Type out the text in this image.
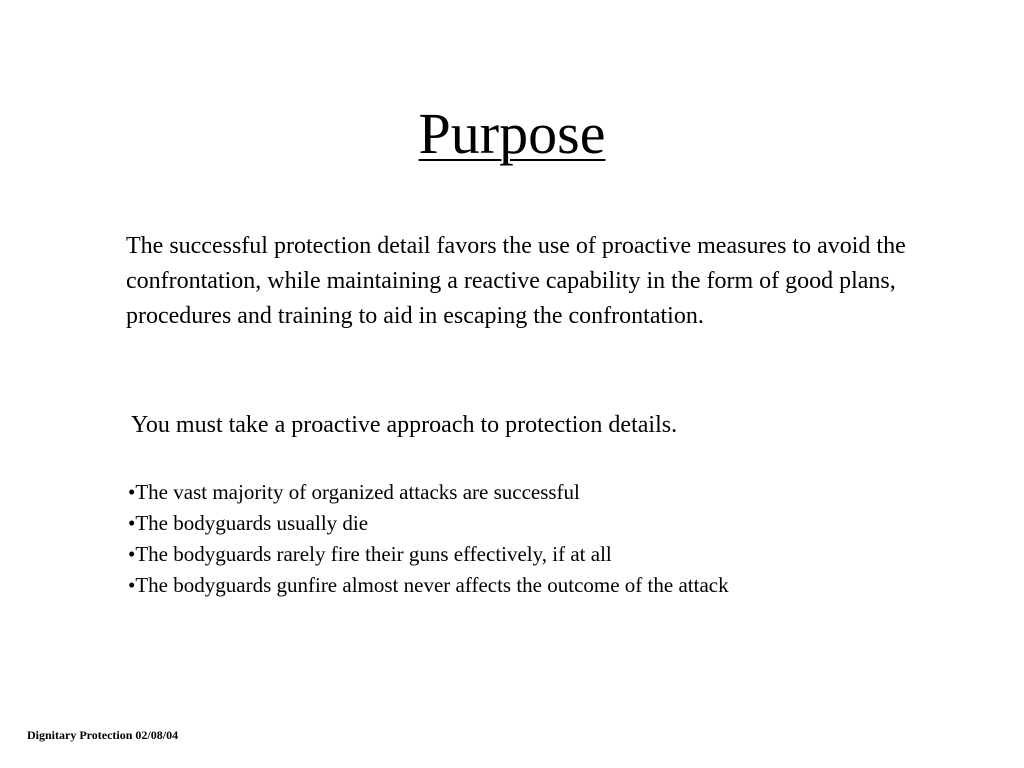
Purpose

The successful protection detail favors the use of proactive measures to avoid the confrontation, while maintaining a reactive capability in the form of good plans, procedures and training to aid in escaping the confrontation.

You must take a proactive approach to protection details.

•The vast majority of organized attacks are successful
•The bodyguards usually die
•The bodyguards rarely fire their guns effectively, if at all
•The bodyguards gunfire almost never affects the outcome of the attack
Dignitary Protection 02/08/04
